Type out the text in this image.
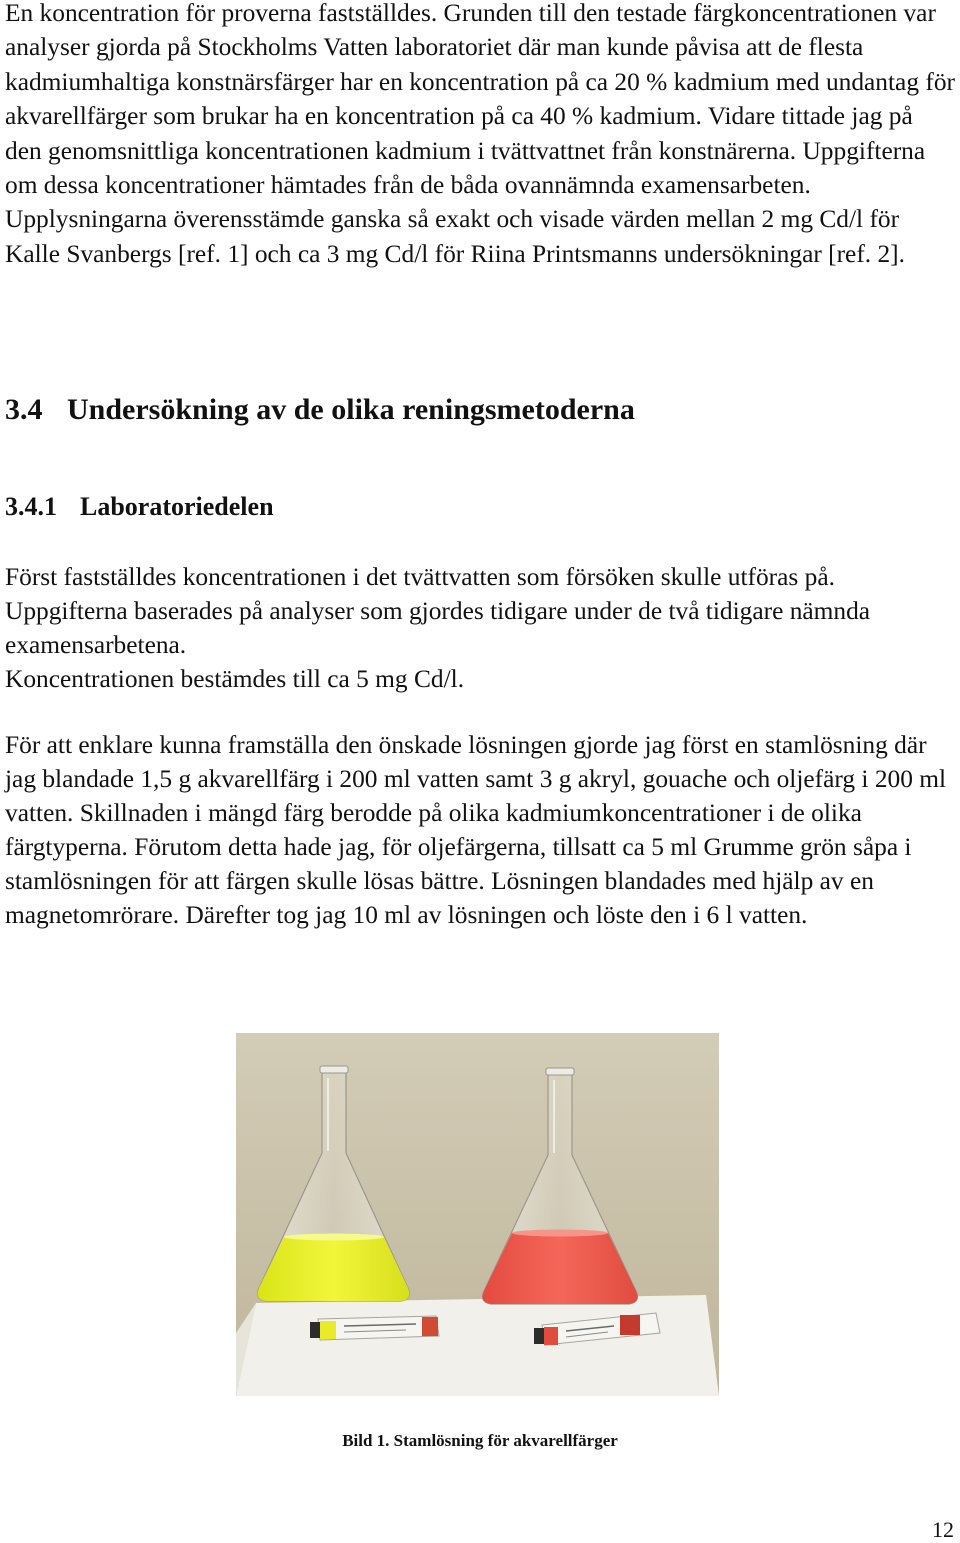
En koncentration för proverna fastställdes. Grunden till den testade färgkoncentrationen var analyser gjorda på Stockholms Vatten laboratoriet där man kunde påvisa att de flesta kadmiumhaltiga konstnärsfärger har en koncentration på ca 20 % kadmium med undantag för akvarellfärger som brukar ha en koncentration på ca 40 % kadmium. Vidare tittade jag på den genomsnittliga koncentrationen kadmium i tvättvattnet från konstnärerna. Uppgifterna om dessa koncentrationer hämtades från de båda ovannämnda examensarbeten. Upplysningarna överensstämde ganska så exakt och visade värden mellan 2 mg Cd/l för Kalle Svanbergs [ref. 1] och ca 3 mg Cd/l för Riina Printsmanns undersökningar [ref. 2].

3.4 Undersökning av de olika reningsmetoderna
3.4.1 Laboratoriedelen

Först fastställdes koncentrationen i det tvättvatten som försöken skulle utföras på. Uppgifterna baserades på analyser som gjordes tidigare under de två tidigare nämnda examensarbetena.

Koncentrationen bestämdes till ca 5 mg Cd/l.

För att enklare kunna framställa den önskade lösningen gjorde jag först en stamlösning där jag blandade 1,5 g akvarellfärg i 200 ml vatten samt 3 g akryl, gouache och oljefärg i 200 ml vatten. Skillnaden i mängd färg berodde på olika kadmiumkoncentrationer i de olika färgtyperna. Förutom detta hade jag, för oljefärgerna, tillsatt ca 5 ml Grumme grön såpa i stamlösningen för att färgen skulle lösas bättre. Lösningen blandades med hjälp av en magnetomrörare. Därefter tog jag 10 ml av lösningen och löste den i 6 l vatten.

Bild 1. Stamlösning för akvarellfärger
12
